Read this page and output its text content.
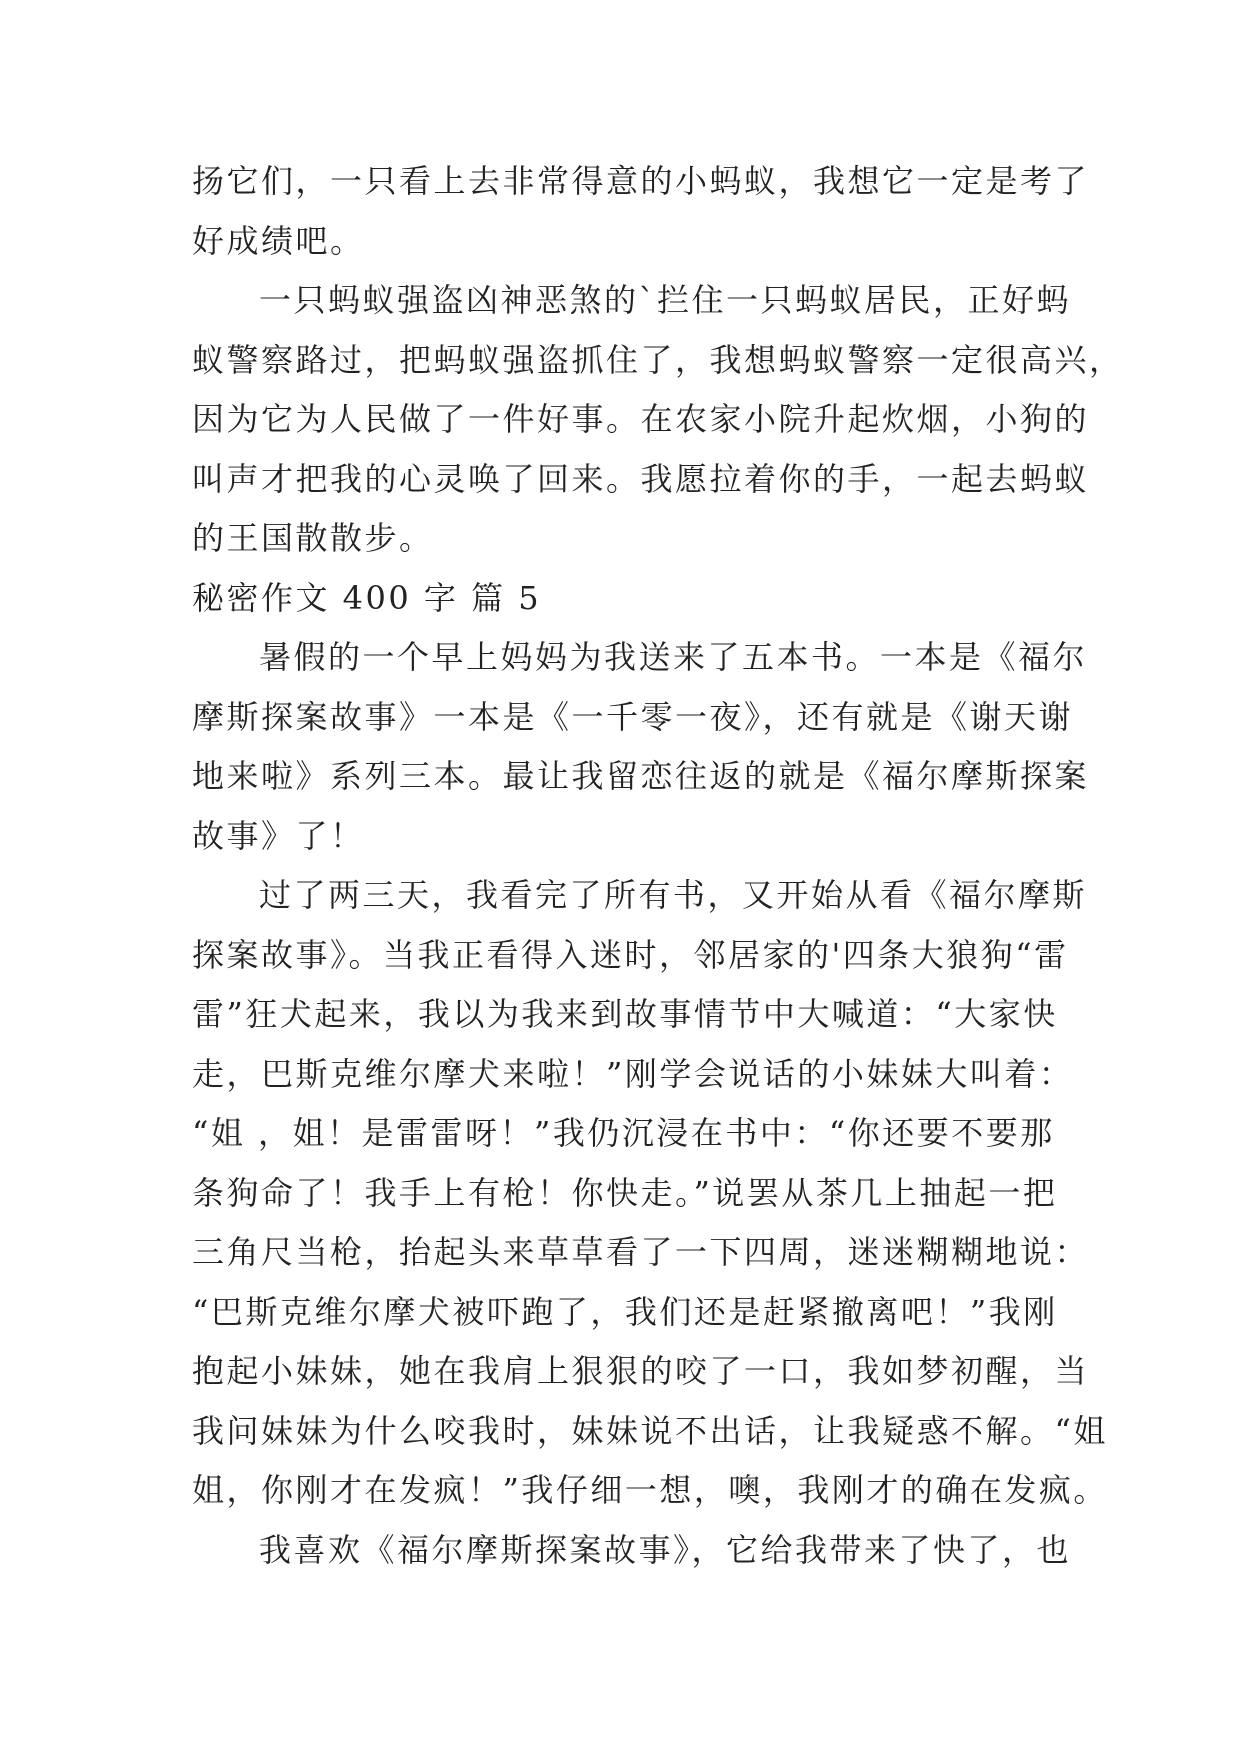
扬它们，一只看上去非常得意的小蚂蚁，我想它一定是考了
好成绩吧。
一只蚂蚁强盗凶神恶煞的`拦住一只蚂蚁居民，正好蚂
蚁警察路过，把蚂蚁强盗抓住了，我想蚂蚁警察一定很高兴，
因为它为人民做了一件好事。在农家小院升起炊烟，小狗的
叫声才把我的心灵唤了回来。我愿拉着你的手，一起去蚂蚁
的王国散散步。
秘密作文 400 字 篇 5
暑假的一个早上妈妈为我送来了五本书。一本是《福尔
摩斯探案故事》一本是《一千零一夜》，还有就是《谢天谢
地来啦》系列三本。最让我留恋往返的就是《福尔摩斯探案
故事》了！
过了两三天，我看完了所有书，又开始从看《福尔摩斯
探案故事》。当我正看得入迷时，邻居家的'四条大狼狗“雷
雷”狂犬起来，我以为我来到故事情节中大喊道：“大家快
走，巴斯克维尔摩犬来啦！”刚学会说话的小妹妹大叫着：
“姐 ，姐！是雷雷呀！”我仍沉浸在书中：“你还要不要那
条狗命了！我手上有枪！你快走。”说罢从茶几上抽起一把
三角尺当枪，抬起头来草草看了一下四周，迷迷糊糊地说：
“巴斯克维尔摩犬被吓跑了，我们还是赶紧撤离吧！”我刚
抱起小妹妹，她在我肩上狠狠的咬了一口，我如梦初醒，当
我问妹妹为什么咬我时，妹妹说不出话，让我疑惑不解。“姐
姐，你刚才在发疯！”我仔细一想，噢，我刚才的确在发疯。
我喜欢《福尔摩斯探案故事》，它给我带来了快了，也
